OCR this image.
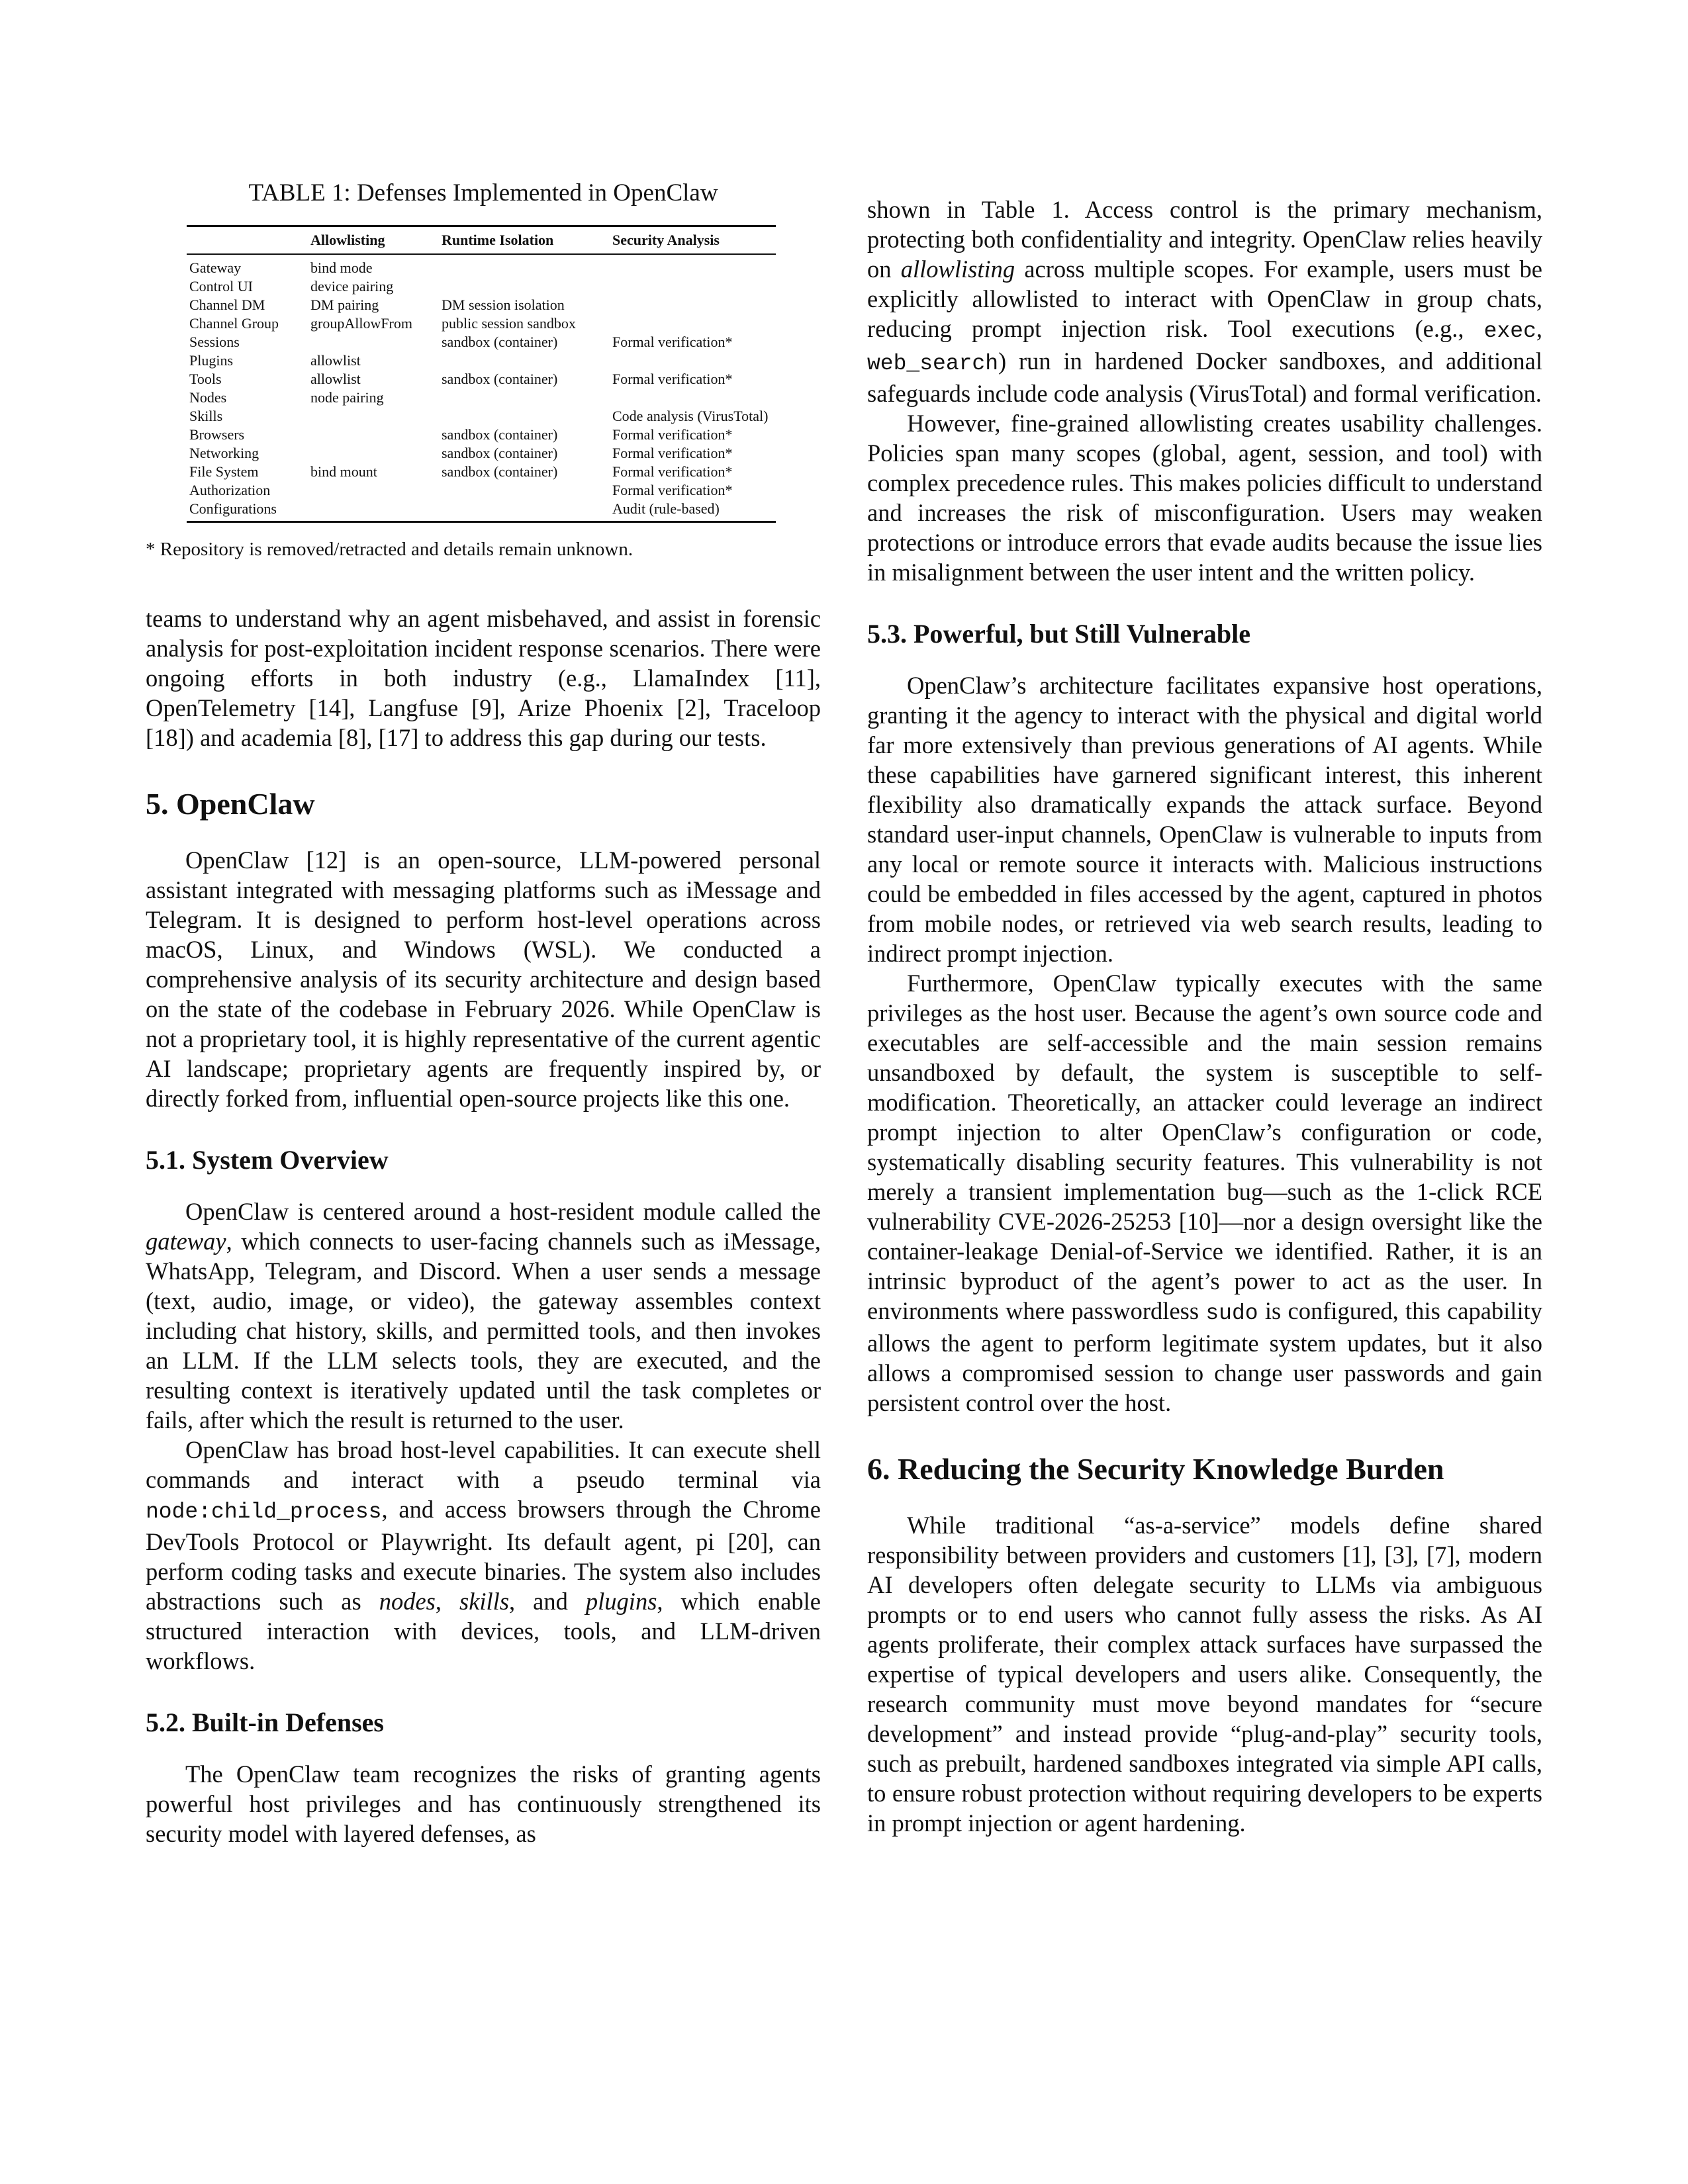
TABLE 1: Defenses Implemented in OpenClaw
	Allowlisting	Runtime Isolation	Security Analysis
Gateway	bind mode		
Control UI	device pairing		
Channel DM	DM pairing	DM session isolation	
Channel Group	groupAllowFrom	public session sandbox	
Sessions		sandbox (container)	Formal verification*
Plugins	allowlist		
Tools	allowlist	sandbox (container)	Formal verification*
Nodes	node pairing		
Skills			Code analysis (VirusTotal)
Browsers		sandbox (container)	Formal verification*
Networking		sandbox (container)	Formal verification*
File System	bind mount	sandbox (container)	Formal verification*
Authorization			Formal verification*
Configurations			Audit (rule-based)
* Repository is removed/retracted and details remain unknown.

teams to understand why an agent misbehaved, and assist in forensic analysis for post-exploitation incident response scenarios. There were ongoing efforts in both industry (e.g., LlamaIndex [11], OpenTelemetry [14], Langfuse [9], Arize Phoenix [2], Traceloop [18]) and academia [8], [17] to address this gap during our tests.

5. OpenClaw

OpenClaw [12] is an open-source, LLM-powered personal assistant integrated with messaging platforms such as iMessage and Telegram. It is designed to perform host-level operations across macOS, Linux, and Windows (WSL). We conducted a comprehensive analysis of its security architecture and design based on the state of the codebase in February 2026. While OpenClaw is not a proprietary tool, it is highly representative of the current agentic AI landscape; proprietary agents are frequently inspired by, or directly forked from, influential open-source projects like this one.

5.1. System Overview

OpenClaw is centered around a host-resident module called the gateway, which connects to user-facing channels such as iMessage, WhatsApp, Telegram, and Discord. When a user sends a message (text, audio, image, or video), the gateway assembles context including chat history, skills, and permitted tools, and then invokes an LLM. If the LLM selects tools, they are executed, and the resulting context is iteratively updated until the task completes or fails, after which the result is returned to the user.

OpenClaw has broad host-level capabilities. It can execute shell commands and interact with a pseudo terminal via node:child_process, and access browsers through the Chrome DevTools Protocol or Playwright. Its default agent, pi [20], can perform coding tasks and execute binaries. The system also includes abstractions such as nodes, skills, and plugins, which enable structured interaction with devices, tools, and LLM-driven workflows.

5.2. Built-in Defenses

The OpenClaw team recognizes the risks of granting agents powerful host privileges and has continuously strengthened its security model with layered defenses, as

shown in Table 1. Access control is the primary mechanism, protecting both confidentiality and integrity. OpenClaw relies heavily on allowlisting across multiple scopes. For example, users must be explicitly allowlisted to interact with OpenClaw in group chats, reducing prompt injection risk. Tool executions (e.g., exec, web_search) run in hardened Docker sandboxes, and additional safeguards include code analysis (VirusTotal) and formal verification.

However, fine-grained allowlisting creates usability challenges. Policies span many scopes (global, agent, session, and tool) with complex precedence rules. This makes policies difficult to understand and increases the risk of misconfiguration. Users may weaken protections or introduce errors that evade audits because the issue lies in misalignment between the user intent and the written policy.

5.3. Powerful, but Still Vulnerable

OpenClaw’s architecture facilitates expansive host operations, granting it the agency to interact with the physical and digital world far more extensively than previous generations of AI agents. While these capabilities have garnered significant interest, this inherent flexibility also dramatically expands the attack surface. Beyond standard user-input channels, OpenClaw is vulnerable to inputs from any local or remote source it interacts with. Malicious instructions could be embedded in files accessed by the agent, captured in photos from mobile nodes, or retrieved via web search results, leading to indirect prompt injection.

Furthermore, OpenClaw typically executes with the same privileges as the host user. Because the agent’s own source code and executables are self-accessible and the main session remains unsandboxed by default, the system is susceptible to self-modification. Theoretically, an attacker could leverage an indirect prompt injection to alter OpenClaw’s configuration or code, systematically disabling security features. This vulnerability is not merely a transient implementation bug—such as the 1-click RCE vulnerability CVE-2026-25253 [10]—nor a design oversight like the container-leakage Denial-of-Service we identified. Rather, it is an intrinsic byproduct of the agent’s power to act as the user. In environments where passwordless sudo is configured, this capability allows the agent to perform legitimate system updates, but it also allows a compromised session to change user passwords and gain persistent control over the host.

6. Reducing the Security Knowledge Burden

While traditional “as-a-service” models define shared responsibility between providers and customers [1], [3], [7], modern AI developers often delegate security to LLMs via ambiguous prompts or to end users who cannot fully assess the risks. As AI agents proliferate, their complex attack surfaces have surpassed the expertise of typical developers and users alike. Consequently, the research community must move beyond mandates for “secure development” and instead provide “plug-and-play” security tools, such as prebuilt, hardened sandboxes integrated via simple API calls, to ensure robust protection without requiring developers to be experts in prompt injection or agent hardening.
